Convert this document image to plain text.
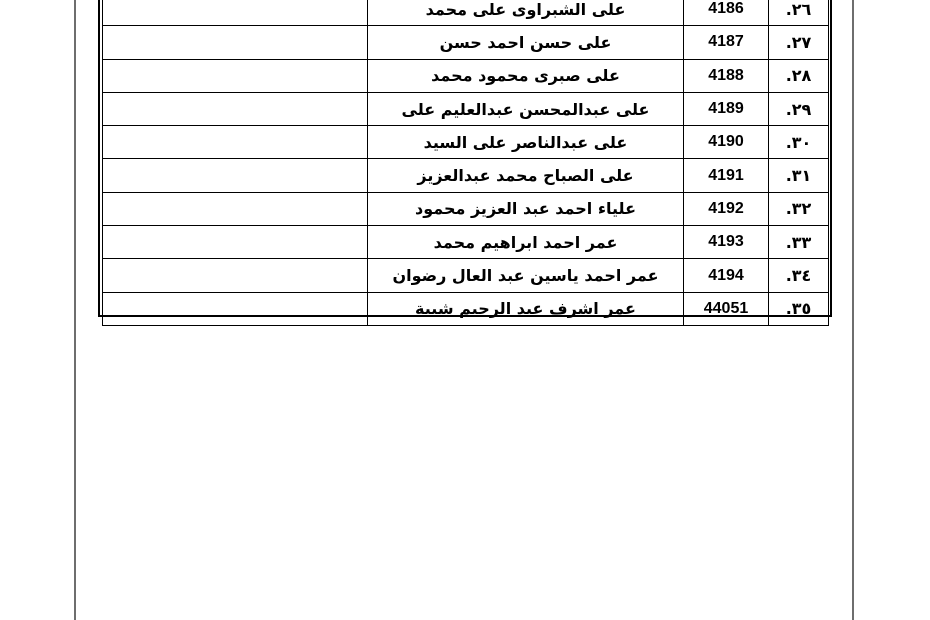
	على الشبراوى على محمد	4186	٢٦.
	على حسن احمد حسن	4187	٢٧.
	على صبرى محمود محمد	4188	٢٨.
	على عبدالمحسن عبدالعليم على	4189	٢٩.
	على عبدالناصر على السيد	4190	٣٠.
	على الصباح محمد عبدالعزيز	4191	٣١.
	علياء احمد عبد العزيز محمود	4192	٣٢.
	عمر احمد ابراهيم محمد	4193	٣٣.
	عمر احمد ياسين عبد العال رضوان	4194	٣٤.
	عمر اشرف عبد الرحيم شيبة	44051	٣٥.
